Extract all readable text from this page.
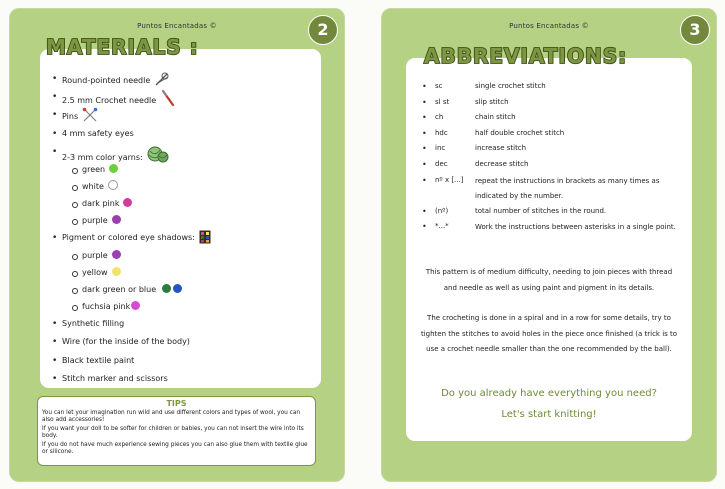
Puntos Encantadas ©	2
• Round-pointed needle
• 2.5 mm Crochet needle
• Pins
• 4 mm safety eyes
• 2-3 mm color yarns:
green
white
dark pink
purple
• Pigment or colored eye shadows:
purple
yellow
dark green or blue
fuchsia pink
• Synthetic filling
• Wire (for the inside of the body)
• Black textile paint
• Stitch marker and scissors
MATERIALS :
TIPS

You can let your imagination run wild and use different colors and types of wool, you can also add accessories!

If you want your doll to be softer for children or babies, you can not insert the wire into its body.

If you do not have much experience sewing pieces you can also glue them with textile glue or silicone.

Puntos Encantadas ©	3
•	sc	single crochet stitch
•	sl st	slip stitch
•	ch	chain stitch
•	hdc	half double crochet stitch
•	inc	increase stitch
•	dec	decrease stitch
•	nº x [...]	repeat the instructions in brackets as many times as indicated by the number.
•	(nº)	total number of stitches in the round.
•	*...*	Work the instructions between asterisks in a single point.
This pattern is of medium difficulty, needing to join pieces with thread and needle as well as using paint and pigment in its details.
The crocheting is done in a spiral and in a row for some details, try to tighten the stitches to avoid holes in the piece once finished (a trick is to use a crochet needle smaller than the one recommended by the ball).
Do you already have everything you need?
Let's start knitting!
ABBREVIATIONS:
